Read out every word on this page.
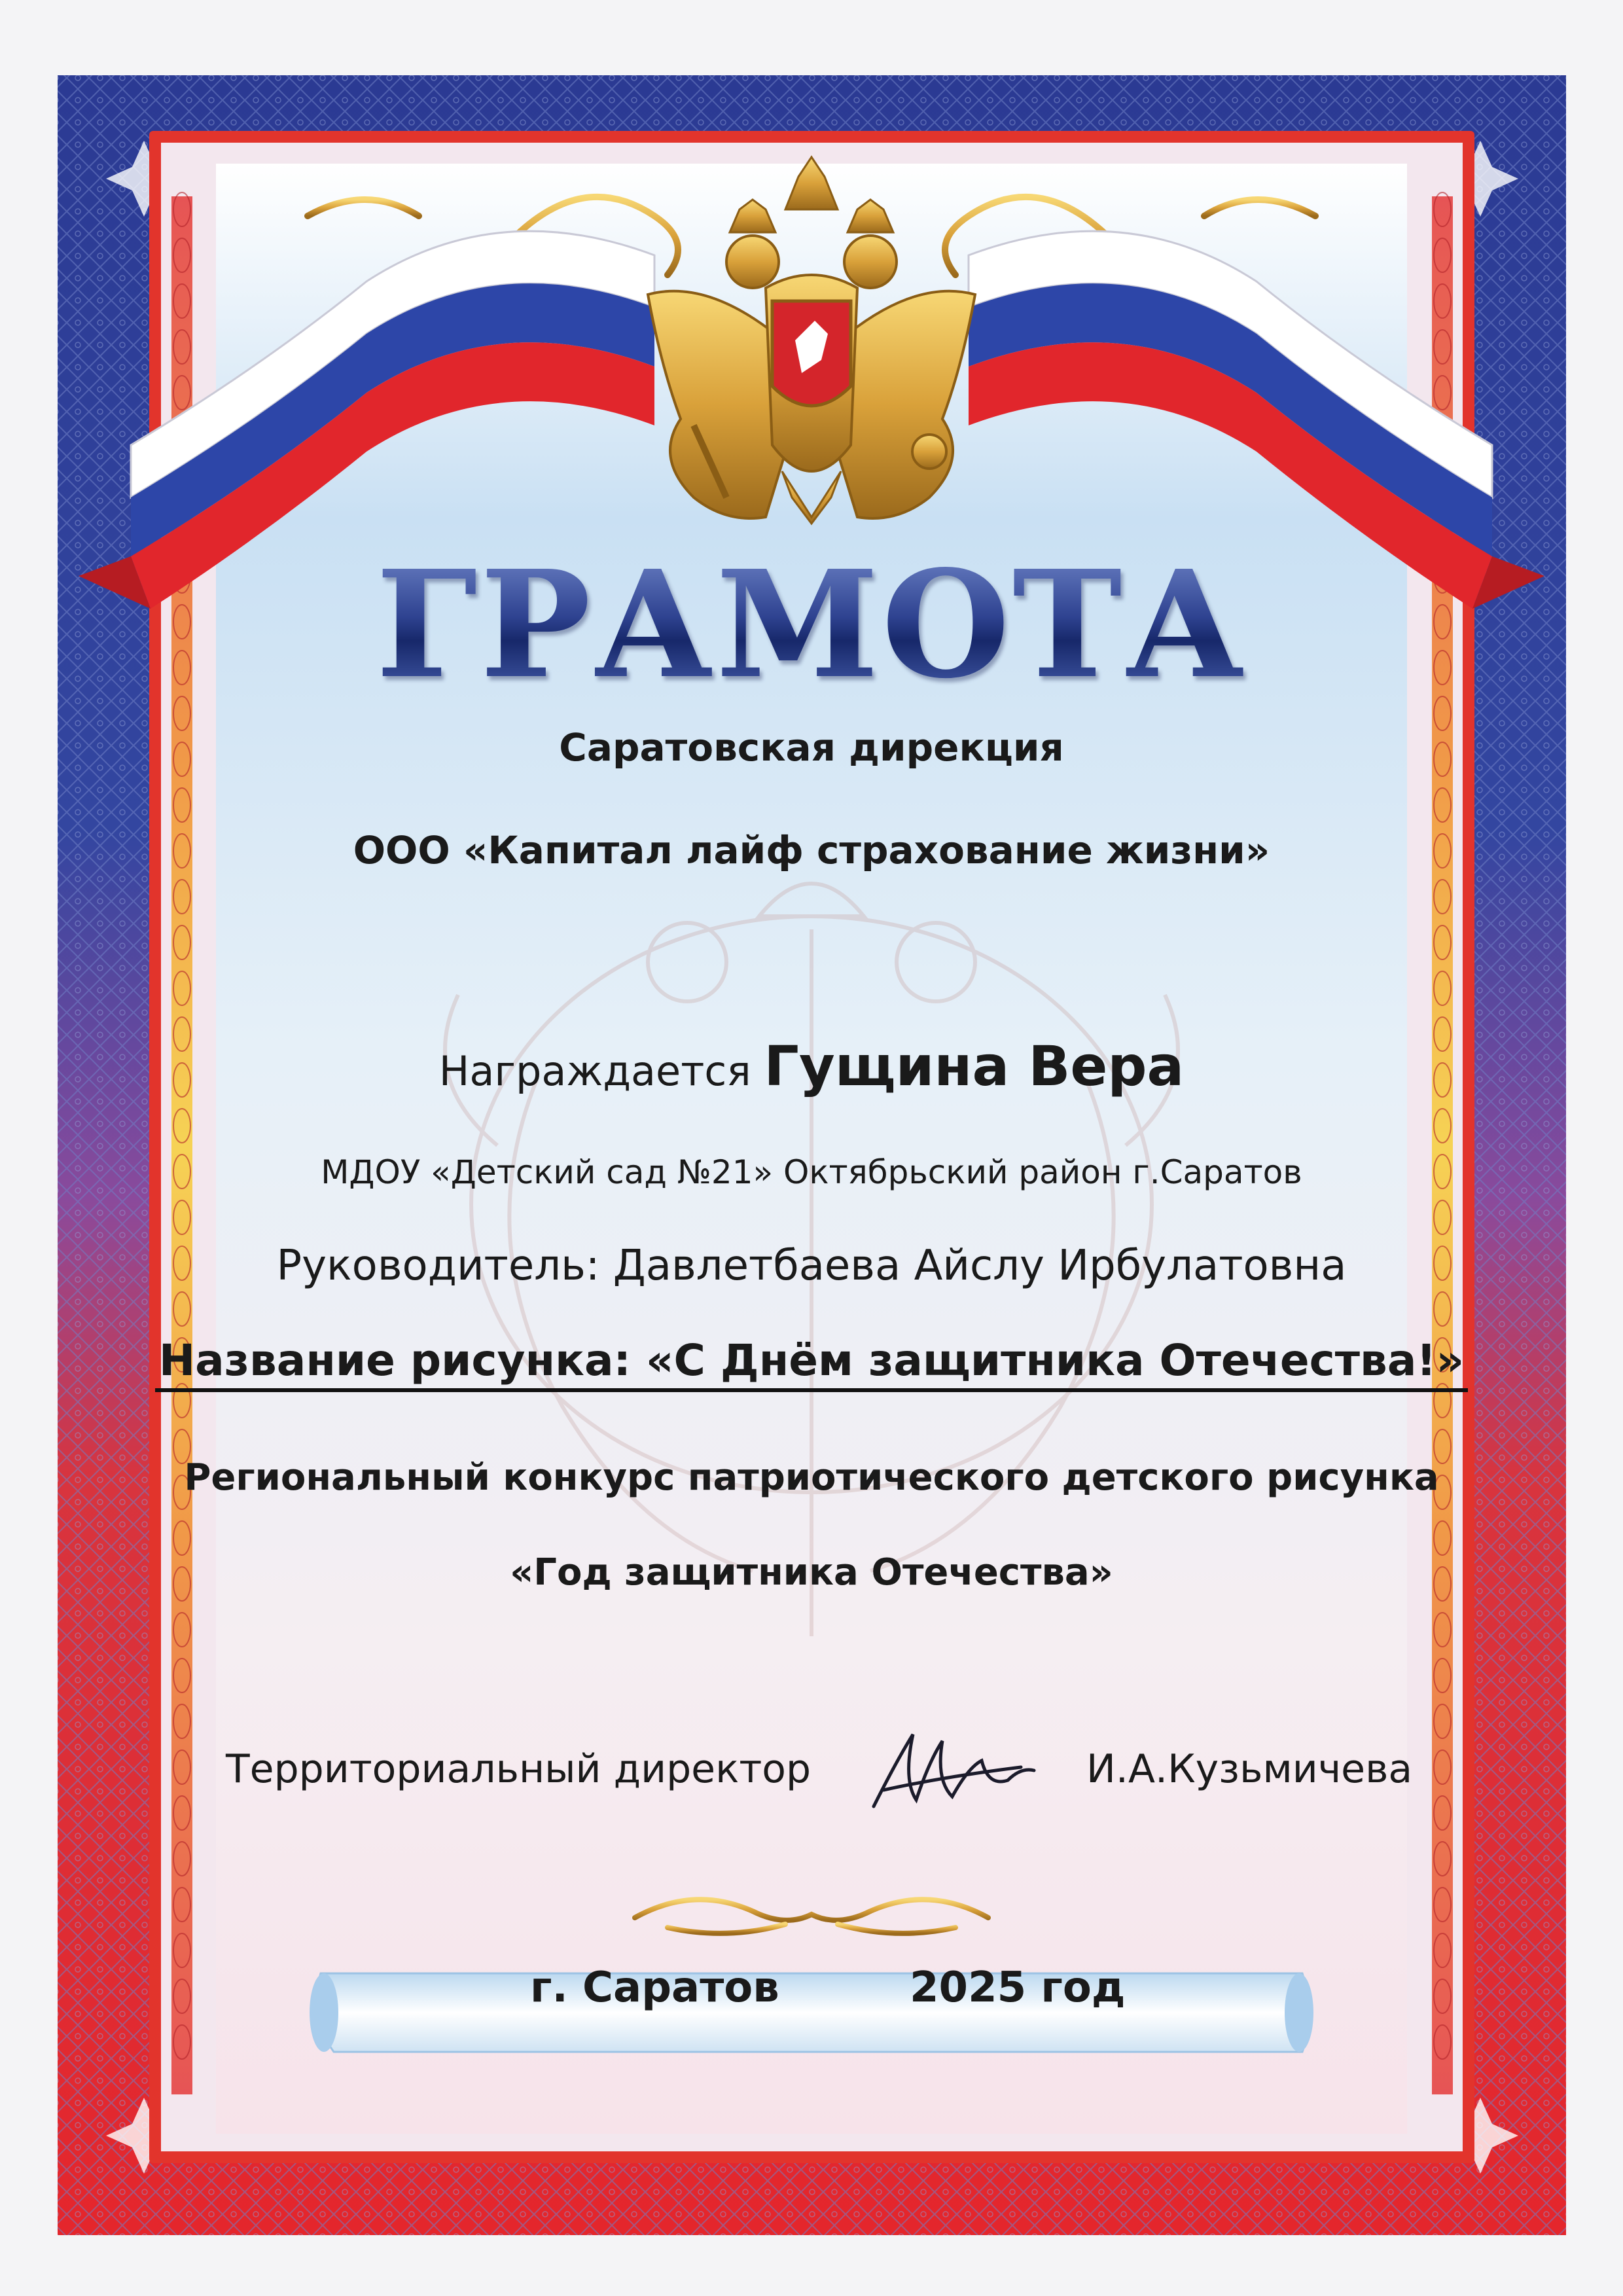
ГРАМОТА
Саратовская дирекция
ООО «Капитал лайф страхование жизни»
Награждается Гущина Вера
МДОУ «Детский сад №21» Октябрьский район г.Саратов
Руководитель: Давлетбаева Айслу Ирбулатовна
Название рисунка: «С Днём защитника Отечества!»
Региональный конкурс патриотического детского рисунка
«Год защитника Отечества»
Территориальный директор	И.А.Кузьмичева
г. Саратов	2025 год
